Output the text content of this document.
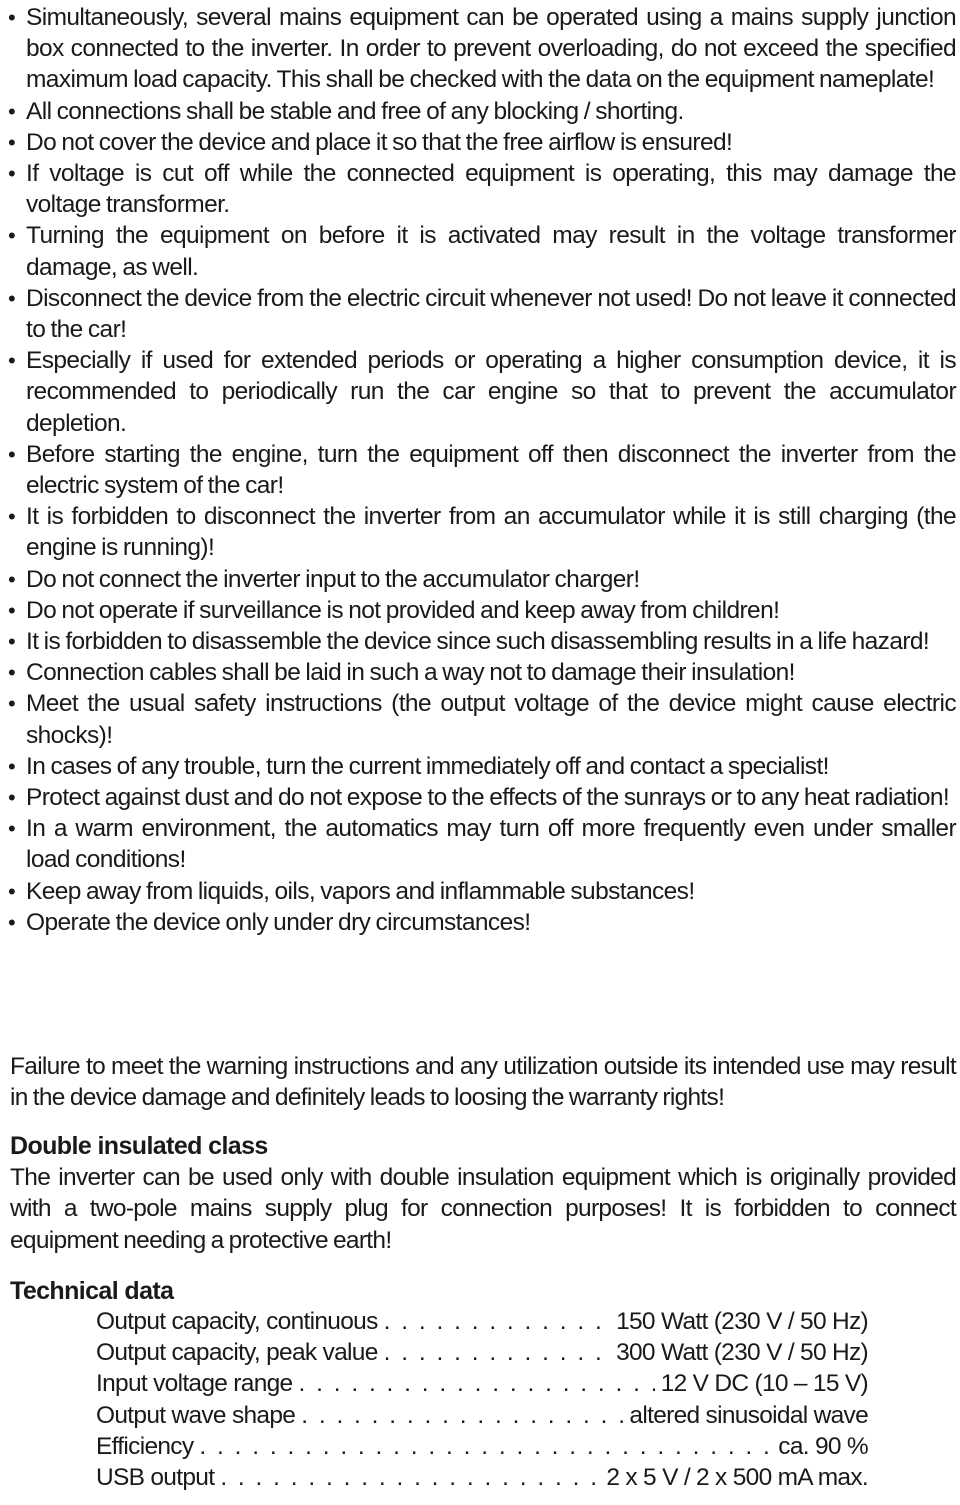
• Simultaneously, several mains equipment can be operated using a mains supply junction box connected to the inverter. In order to prevent overloading, do not exceed the specified maximum load capacity. This shall be checked with the data on the equipment nameplate!
• All connections shall be stable and free of any blocking / shorting.
• Do not cover the device and place it so that the free airflow is ensured!
• If voltage is cut off while the connected equipment is operating, this may damage the voltage transformer.
• Turning the equipment on before it is activated may result in the voltage transformer damage, as well.
• Disconnect the device from the electric circuit whenever not used! Do not leave it connected to the car!
• Especially if used for extended periods or operating a higher consumption device, it is recommended to periodically run the car engine so that to prevent the accumulator depletion.
• Before starting the engine, turn the equipment off then disconnect the inverter from the electric system of the car!
• It is forbidden to disconnect the inverter from an accumulator while it is still charging (the engine is running)!
• Do not connect the inverter input to the accumulator charger!
• Do not operate if surveillance is not provided and keep away from children!
• It is forbidden to disassemble the device since such disassembling results in a life hazard!
• Connection cables shall be laid in such a way not to damage their insulation!
• Meet the usual safety instructions (the output voltage of the device might cause electric shocks)!
• In cases of any trouble, turn the current immediately off and contact a specialist!
• Protect against dust and do not expose to the effects of the sunrays or to any heat radiation!
• In a warm environment, the automatics may turn off more frequently even under smaller load conditions!
• Keep away from liquids, oils, vapors and inflammable substances!
• Operate the device only under dry circumstances!

Failure to meet the warning instructions and any utilization outside its intended use may result in the device damage and definitely leads to loosing the warranty rights!

Double insulated class

The inverter can be used only with double insulation equipment which is originally provided with a two-pole mains supply plug for connection purposes! It is forbidden to connect equipment needing a protective earth!

Technical data
Output capacity, continuous . . .	150 Watt (230 V / 50 Hz)
Output capacity, peak value . . .	300 Watt (230 V / 50 Hz)
Input voltage range . . .	12 V DC (10 – 15 V)
Output wave shape . . .	altered sinusoidal wave
Efficiency . . .	ca. 90 %
USB output . . .	2 x 5 V / 2 x 500 mA max.
